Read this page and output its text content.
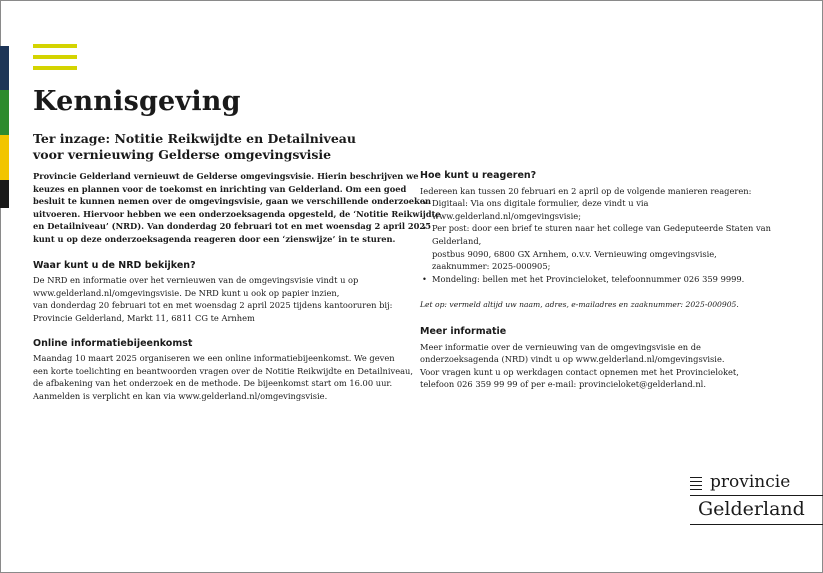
Kennisgeving
Ter inzage: Notitie Reikwijdte en Detailniveau voor vernieuwing Gelderse omgevingsvisie

Provincie Gelderland vernieuwt de Gelderse omgevingsvisie. Hierin beschrijven we
keuzes en plannen voor de toekomst en inrichting van Gelderland. Om een goed
besluit te kunnen nemen over de omgevingsvisie, gaan we verschillende onderzoeken
uitvoeren. Hiervoor hebben we een onderzoeksagenda opgesteld, de ‘Notitie Reikwijdte
en Detailniveau’ (NRD). Van donderdag 20 februari tot en met woensdag 2 april 2025
kunt u op deze onderzoeksagenda reageren door een ‘zienswijze’ in te sturen.

Waar kunt u de NRD bekijken?
De NRD en informatie over het vernieuwen van de omgevingsvisie vindt u op
www.gelderland.nl/omgevingsvisie. De NRD kunt u ook op papier inzien,
van donderdag 20 februari tot en met woensdag 2 april 2025 tijdens kantooruren bij:
Provincie Gelderland, Markt 11, 6811 CG te Arnhem
Online informatiebijeenkomst
Maandag 10 maart 2025 organiseren we een online informatiebijeenkomst. We geven
een korte toelichting en beantwoorden vragen over de Notitie Reikwijdte en Detailniveau,
de afbakening van het onderzoek en de methode. De bijeenkomst start om 16.00 uur.
Aanmelden is verplicht en kan via www.gelderland.nl/omgevingsvisie.
Hoe kunt u reageren?
Iedereen kan tussen 20 februari en 2 april op de volgende manieren reageren:
• Digitaal: Via ons digitale formulier, deze vindt u via www.gelderland.nl/omgevingsvisie;
• Per post: door een brief te sturen naar het college van Gedeputeerde Staten van Gelderland,
postbus 9090, 6800 GX Arnhem, o.v.v. Vernieuwing omgevingsvisie,
zaaknummer: 2025-000905;
• Mondeling: bellen met het Provincieloket, telefoonnummer 026 359 9999.

Let op: vermeld altijd uw naam, adres, e-mailadres en zaaknummer: 2025-000905.

Meer informatie
Meer informatie over de vernieuwing van de omgevingsvisie en de
onderzoeksagenda (NRD) vindt u op www.gelderland.nl/omgevingsvisie.
Voor vragen kunt u op werkdagen contact opnemen met het Provincieloket,
telefoon 026 359 99 99 of per e-mail: provincieloket@gelderland.nl.
provincie
Gelderland
